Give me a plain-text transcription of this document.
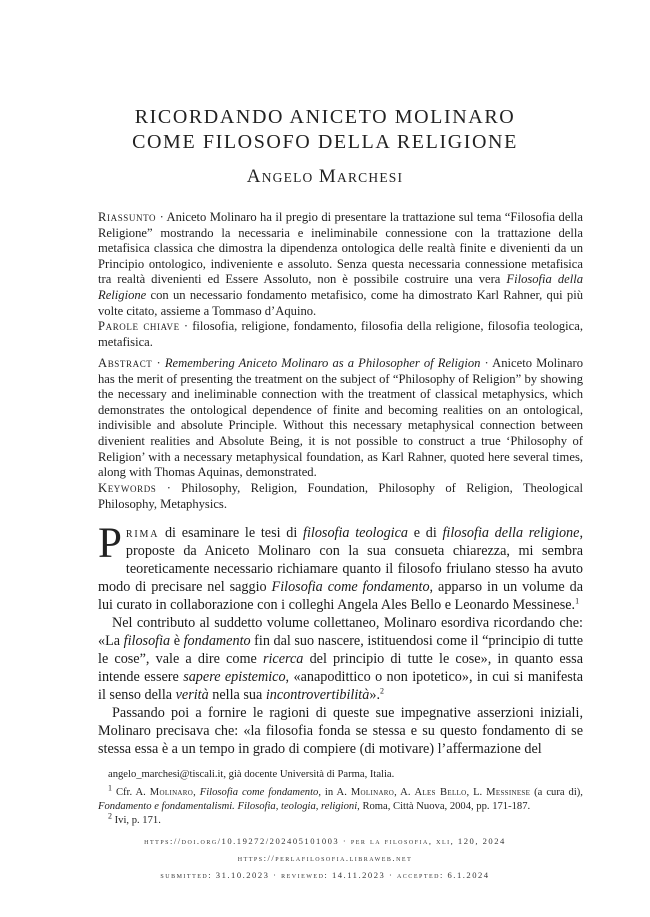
RICORDANDO ANICETO MOLINARO
COME FILOSOFO DELLA RELIGIONE
ANGELO MARCHESI
Riassunto · Aniceto Molinaro ha il pregio di presentare la trattazione sul tema “Filosofia della Religione” mostrando la necessaria e ineliminabile connessione con la trattazione della metafisica classica che dimostra la dipendenza ontologica delle realtà finite e divenienti da un Principio ontologico, indiveniente e assoluto. Senza questa necessaria connessione metafisica tra realtà divenienti ed Essere Assoluto, non è possibile costruire una vera Filosofia della Religione con un necessario fondamento metafisico, come ha dimostrato Karl Rahner, qui più volte citato, assieme a Tommaso d’Aquino.
Parole chiave · filosofia, religione, fondamento, filosofia della religione, filosofia teologica, metafisica.
Abstract · Remembering Aniceto Molinaro as a Philosopher of Religion · Aniceto Molinaro has the merit of presenting the treatment on the subject of “Philosophy of Religion” by showing the necessary and ineliminable connection with the treatment of classical metaphysics, which demonstrates the ontological dependence of finite and becoming realities on an ontological, indivisible and absolute Principle. Without this necessary metaphysical connection between divenient realities and Absolute Being, it is not possible to construct a true ‘Philosophy of Religion’ with a necessary metaphysical foundation, as Karl Rahner, quoted here several times, along with Thomas Aquinas, demonstrated.
Keywords · Philosophy, Religion, Foundation, Philosophy of Religion, Theological Philosophy, Metaphysics.

Prima di esaminare le tesi di filosofia teologica e di filosofia della religione, proposte da Aniceto Molinaro con la sua consueta chiarezza, mi sembra teoreticamente necessario richiamare quanto il filosofo friulano stesso ha avuto modo di precisare nel saggio Filosofia come fondamento, apparso in un volume da lui curato in collaborazione con i colleghi Angela Ales Bello e Leonardo Messinese.$^1$

Nel contributo al suddetto volume collettaneo, Molinaro esordiva ricordando che: «La filosofia è fondamento fin dal suo nascere, istituendosi come il “principio di tutte le cose”, vale a dire come ricerca del principio di tutte le cose», in quanto essa intende essere sapere epistemico, «anapodittico o non ipotetico», in cui si manifesta il senso della verità nella sua incontrovertibilità».$^2$

Passando poi a fornire le ragioni di queste sue impegnative asserzioni iniziali, Molinaro precisava che: «la filosofia fonda se stessa e su questo fondamento di se stessa essa è a un tempo in grado di compiere (di motivare) l’affermazione del

angelo_marchesi@tiscali.it, già docente Università di Parma, Italia.
$^1$ Cfr. A. Molinaro, Filosofia come fondamento, in A. Molinaro, A. Ales Bello, L. Messinese (a cura di), Fondamento e fondamentalismi. Filosofia, teologia, religioni, Roma, Città Nuova, 2004, pp. 171-187.
$^2$ Ivi, p. 171.
https://doi.org/10.19272/202405101003 · per la filosofia, xli, 120, 2024
https://perlafilosofia.libraweb.net
submitted: 31.10.2023 · reviewed: 14.11.2023 · accepted: 6.1.2024
